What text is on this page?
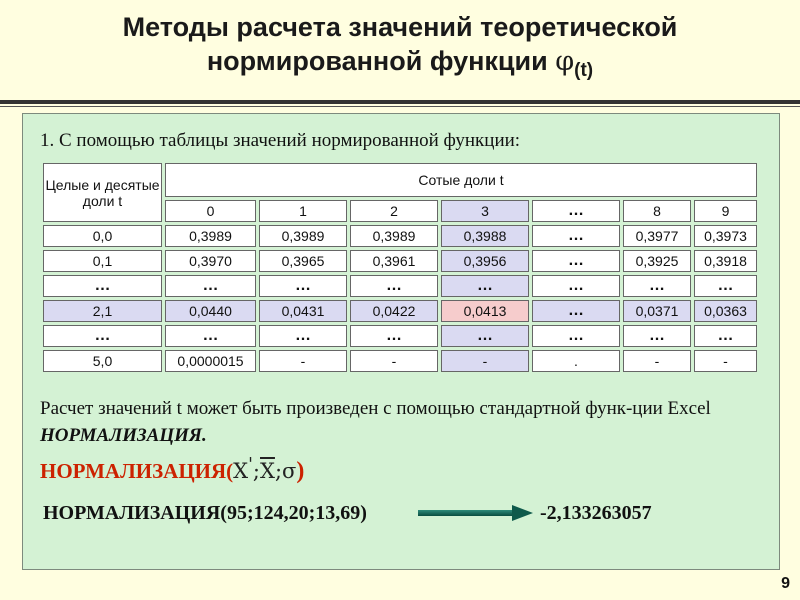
Методы расчета значений теоретической
нормированной функции $\varphi_{(t)}$
1. С помощью таблицы значений нормированной функции:
Целые и десятые доли t	Сотые доли t						
	0	1	2	3	…	8	9
0,0	0,3989	0,3989	0,3989	0,3988	…	0,3977	0,3973
0,1	0,3970	0,3965	0,3961	0,3956	…	0,3925	0,3918
…	…	…	…	…	…	…	…
2,1	0,0440	0,0431	0,0422	0,0413	…	0,0371	0,0363
…	…	…	…	…	…	…	…
5,0	0,0000015	-	-	-	.	-	-
Расчет значений t может быть произведен с помощью стандартной функ-ции Excel НОРМАЛИЗАЦИЯ.
$НОРМАЛИЗАЦИЯ(X';\overline{X};\sigma)$
НОРМАЛИЗАЦИЯ(95;124,20;13,69)	-2,133263057
9
